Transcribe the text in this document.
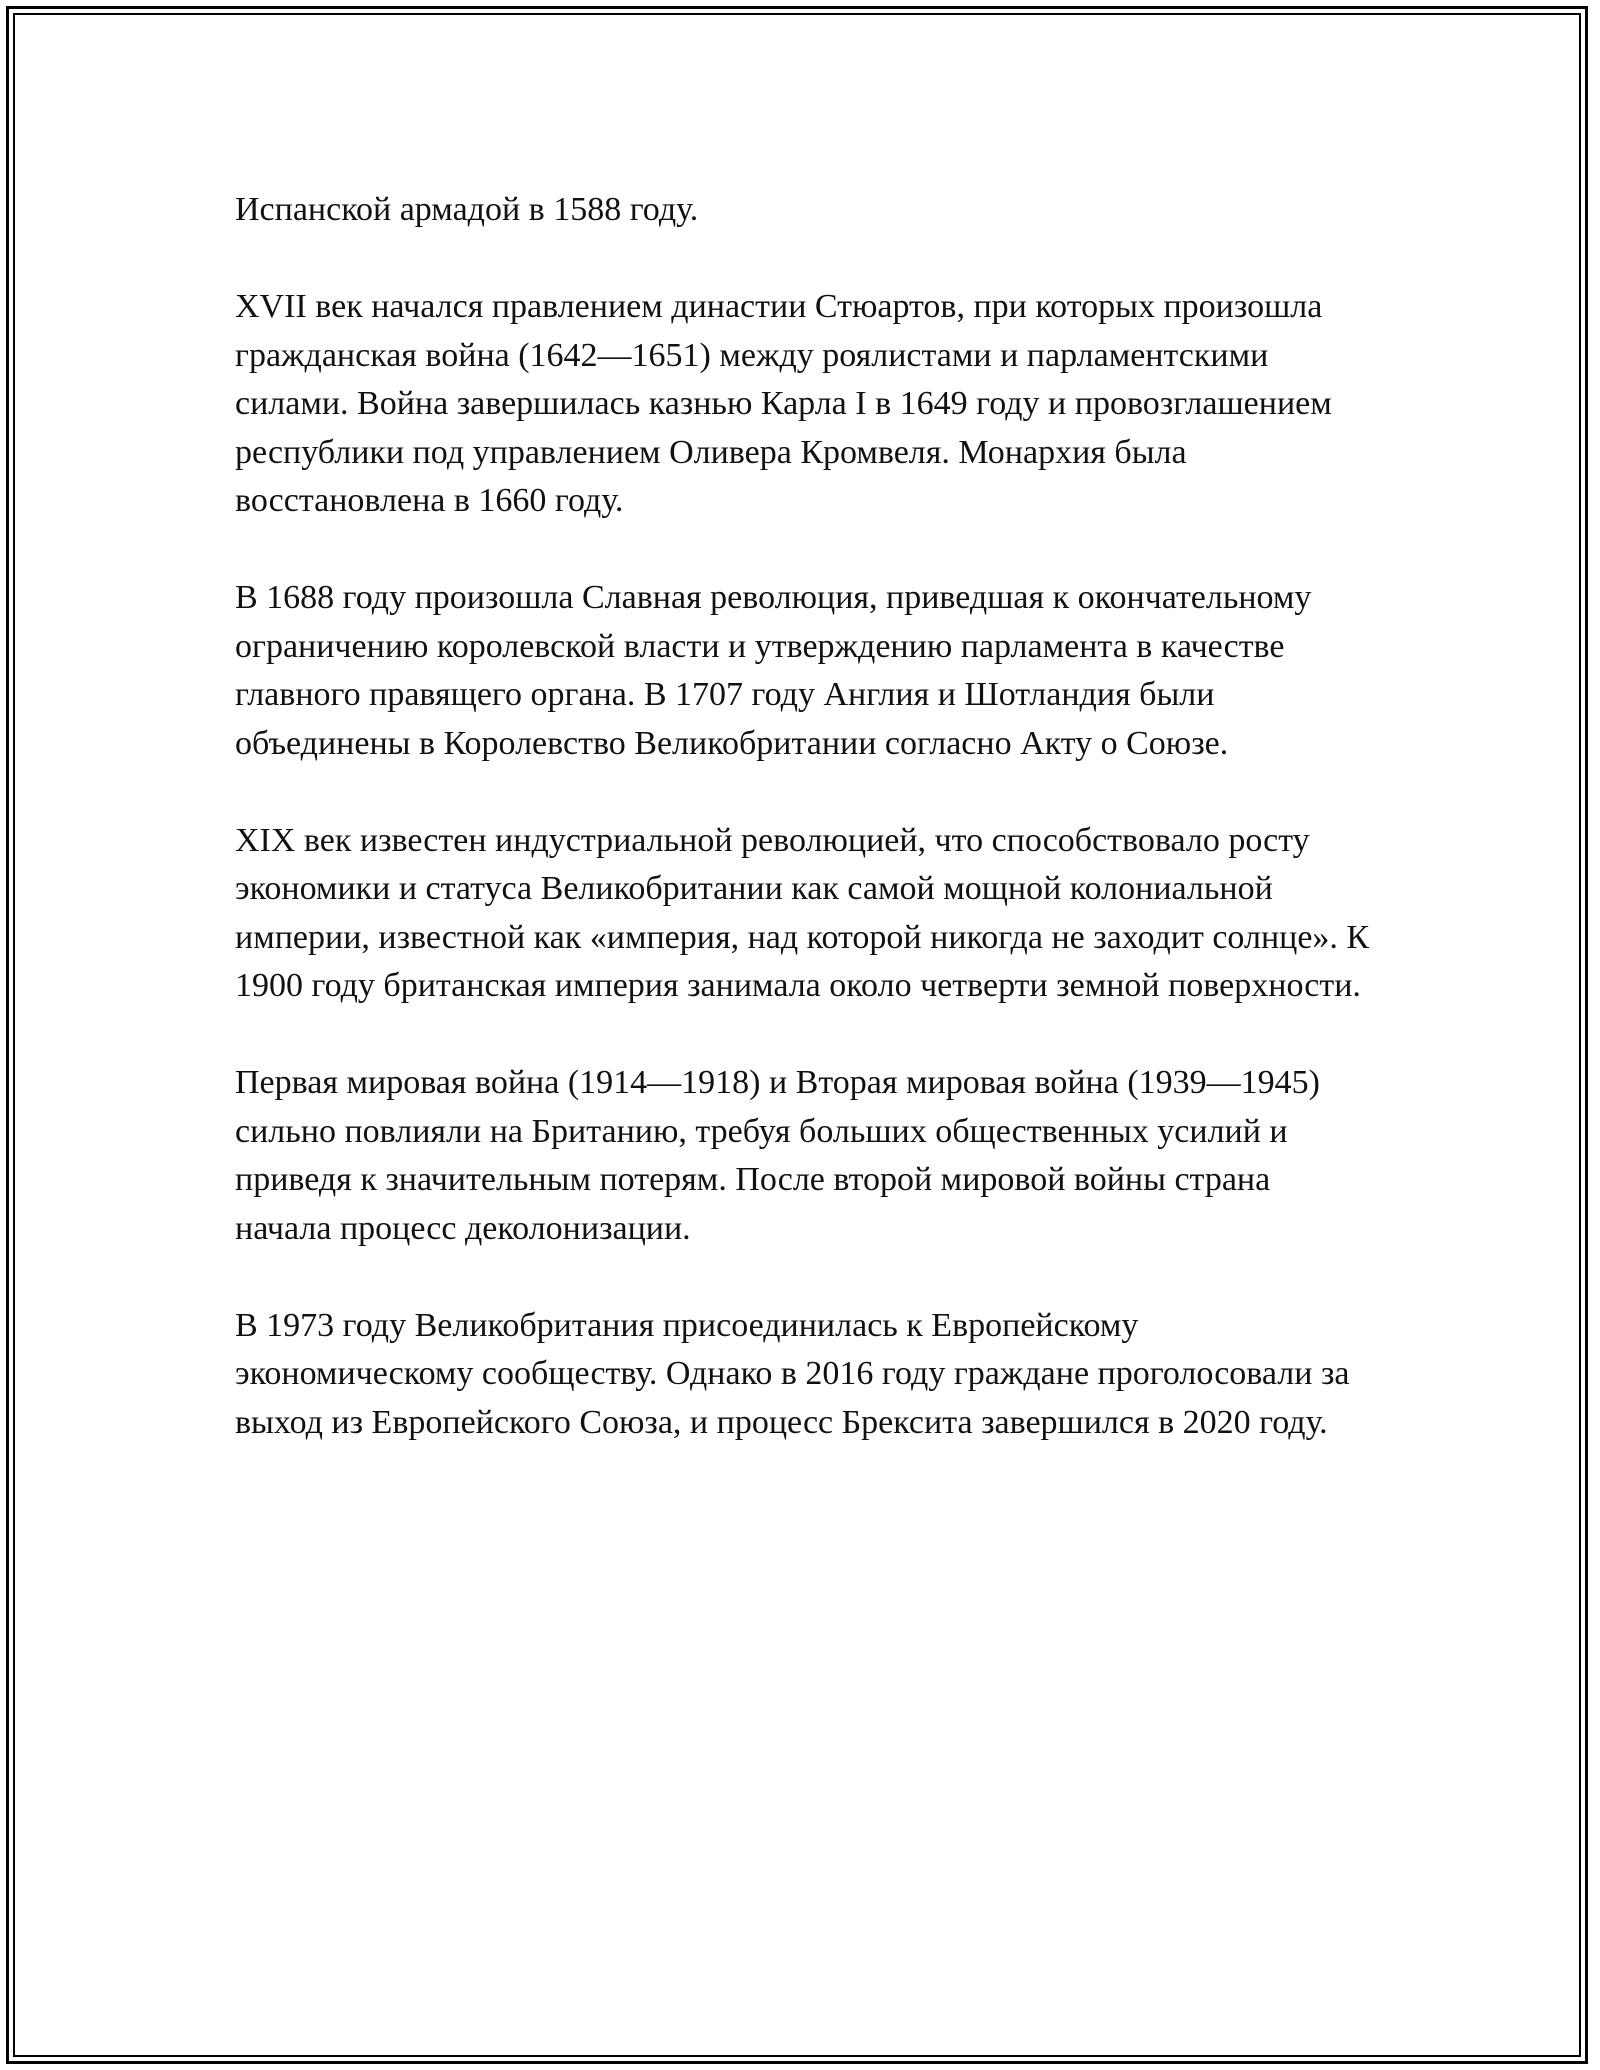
Испанской армадой в 1588 году.

XVII век начался правлением династии Стюартов, при которых произошла гражданская война (1642—1651) между роялистами и парламентскими силами. Война завершилась казнью Карла I в 1649 году и провозглашением республики под управлением Оливера Кромвеля. Монархия была восстановлена в 1660 году.

В 1688 году произошла Славная революция, приведшая к окончательному ограничению королевской власти и утверждению парламента в качестве главного правящего органа. В 1707 году Англия и Шотландия были объединены в Королевство Великобритании согласно Акту о Союзе.

XIX век известен индустриальной революцией, что способствовало росту экономики и статуса Великобритании как самой мощной колониальной империи, известной как «империя, над которой никогда не заходит солнце». К 1900 году британская империя занимала около четверти земной поверхности.

Первая мировая война (1914—1918) и Вторая мировая война (1939—1945) сильно повлияли на Британию, требуя больших общественных усилий и приведя к значительным потерям. После второй мировой войны страна начала процесс деколонизации.

В 1973 году Великобритания присоединилась к Европейскому экономическому сообществу. Однако в 2016 году граждане проголосовали за выход из Европейского Союза, и процесс Брексита завершился в 2020 году.
